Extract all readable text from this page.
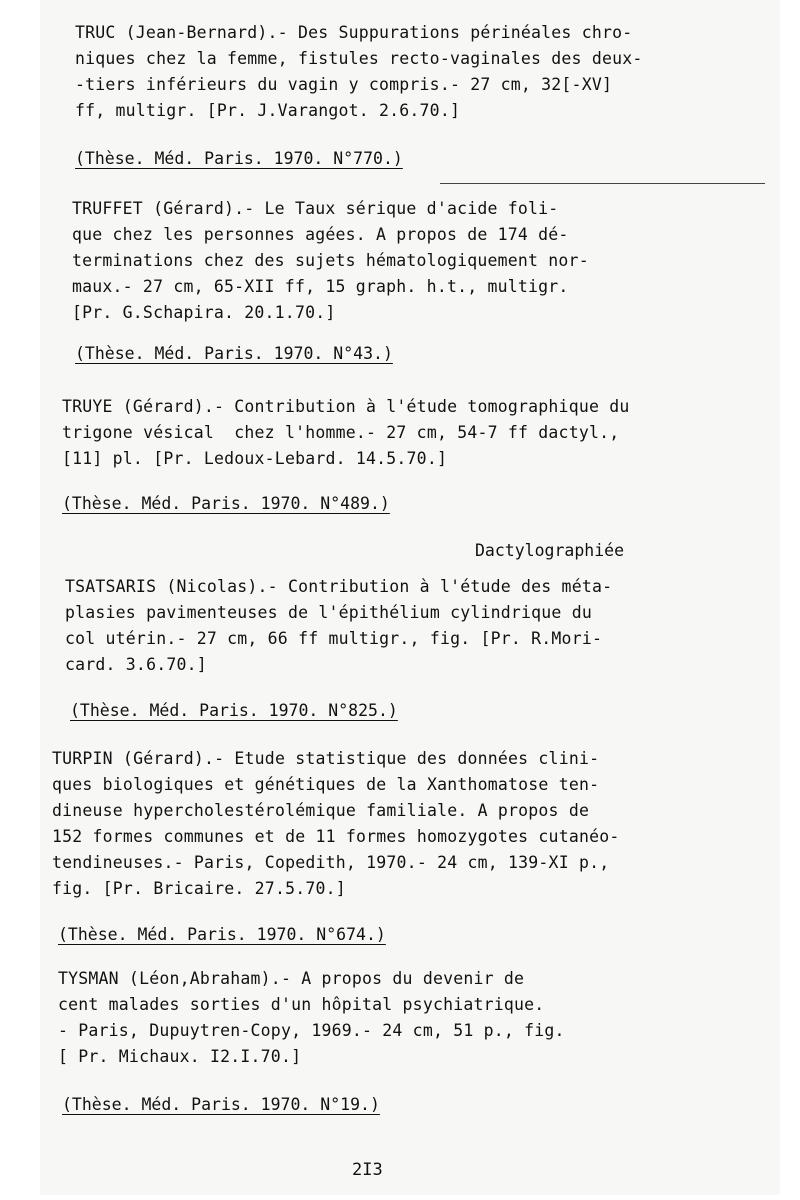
TRUC (Jean-Bernard).- Des Suppurations périnéales chro-
niques chez la femme, fistules recto-vaginales des deux-
-tiers inférieurs du vagin y compris.- 27 cm, 32[-XV]
ff, multigr. [Pr. J.Varangot. 2.6.70.]
(Thèse. Méd. Paris. 1970. N°770.)
TRUFFET (Gérard).- Le Taux sérique d'acide foli-
que chez les personnes agées. A propos de 174 dé-
terminations chez des sujets hématologiquement nor-
maux.- 27 cm, 65-XII ff, 15 graph. h.t., multigr.
[Pr. G.Schapira. 20.1.70.]
(Thèse. Méd. Paris. 1970. N°43.)
TRUYE (Gérard).- Contribution à l'étude tomographique du
trigone vésical  chez l'homme.- 27 cm, 54-7 ff dactyl.,
[11] pl. [Pr. Ledoux-Lebard. 14.5.70.]
(Thèse. Méd. Paris. 1970. N°489.)
Dactylographiée
TSATSARIS (Nicolas).- Contribution à l'étude des méta-
plasies pavimenteuses de l'épithélium cylindrique du
col utérin.- 27 cm, 66 ff multigr., fig. [Pr. R.Mori-
card. 3.6.70.]
(Thèse. Méd. Paris. 1970. N°825.)
TURPIN (Gérard).- Etude statistique des données clini-
ques biologiques et génétiques de la Xanthomatose ten-
dineuse hypercholestérolémique familiale. A propos de
152 formes communes et de 11 formes homozygotes cutanéo-
tendineuses.- Paris, Copedith, 1970.- 24 cm, 139-XI p.,
fig. [Pr. Bricaire. 27.5.70.]
(Thèse. Méd. Paris. 1970. N°674.)
TYSMAN (Léon,Abraham).- A propos du devenir de
cent malades sorties d'un hôpital psychiatrique.
- Paris, Dupuytren-Copy, 1969.- 24 cm, 51 p., fig.
[ Pr. Michaux. I2.I.70.]
(Thèse. Méd. Paris. 1970. N°19.)
2I3
